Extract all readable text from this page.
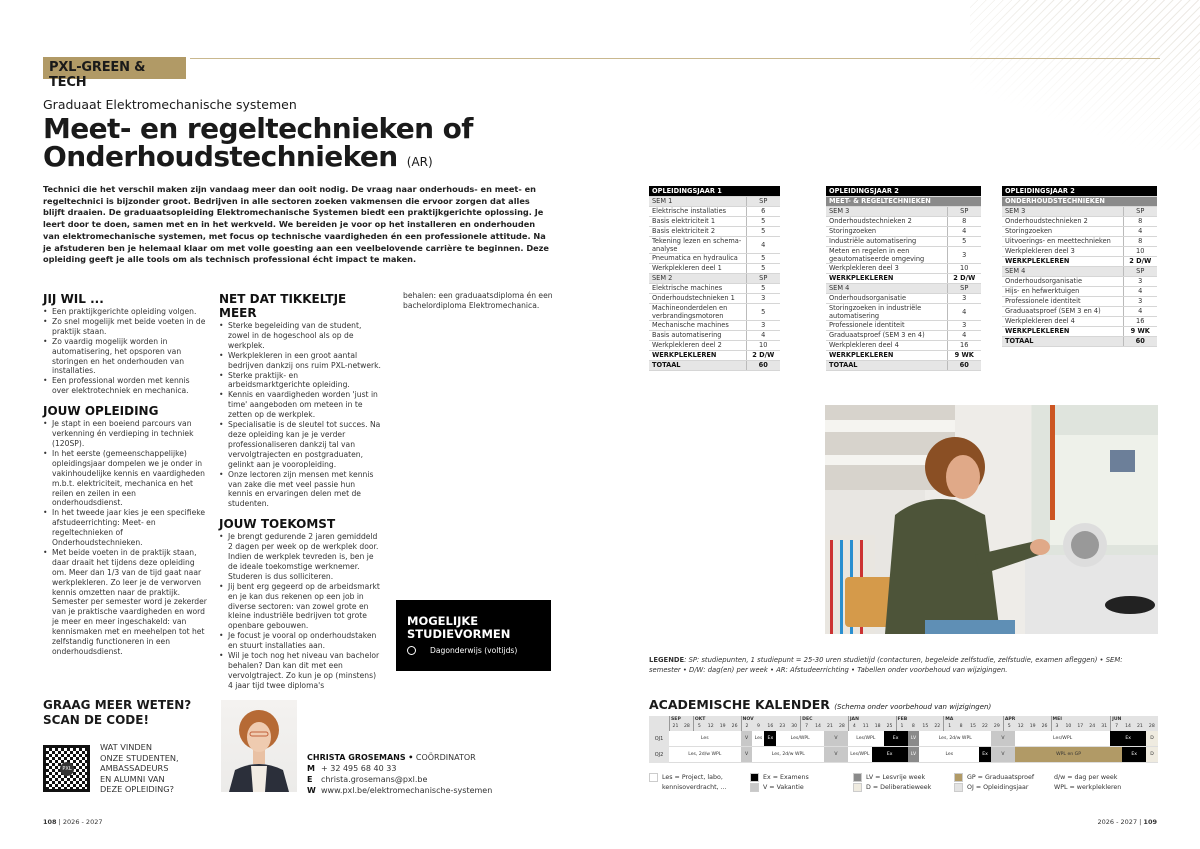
PXL-GREEN & TECH
Graduaat Elektromechanische systemen
Meet- en regeltechnieken of
Onderhoudstechnieken (AR)
Technici die het verschil maken zijn vandaag meer dan ooit nodig. De vraag naar onderhouds- en meet- en regeltechnici is bijzonder groot. Bedrijven in alle sectoren zoeken vakmensen die ervoor zorgen dat alles blijft draaien. De graduaatsopleiding Elektromechanische Systemen biedt een praktijkgerichte oplossing. Je leert door te doen, samen met en in het werkveld. We bereiden je voor op het installeren en onderhouden van elektromechanische systemen, met focus op technische vaardigheden én een professionele attitude. Na je afstuderen ben je helemaal klaar om met volle goesting aan een veelbelovende carrière te beginnen. Deze opleiding geeft je alle tools om als technisch professional écht impact te maken.
JIJ WIL ...
• Een praktijkgerichte opleiding volgen.
• Zo snel mogelijk met beide voeten in de praktijk staan.
• Zo vaardig mogelijk worden in automatisering, het opsporen van storingen en het onderhouden van installaties.
• Een professional worden met kennis over elektrotechniek en mechanica.
JOUW OPLEIDING
• Je stapt in een boeiend parcours van verkenning én verdieping in techniek (120SP).
• In het eerste (gemeenschappelijke) opleidingsjaar dompelen we je onder in vakinhoudelijke kennis en vaardigheden m.b.t. elektriciteit, mechanica en het reilen en zeilen in een onderhoudsdienst.
• In het tweede jaar kies je een specifieke afstudeerrichting: Meet- en regeltechnieken of Onderhoudstechnieken.
• Met beide voeten in de praktijk staan, daar draait het tijdens deze opleiding om. Meer dan 1/3 van de tijd gaat naar werkplekleren. Zo leer je de verworven kennis omzetten naar de praktijk. Semester per semester word je zekerder van je praktische vaardigheden en word je meer en meer ingeschakeld: van kennismaken met en meehelpen tot het zelfstandig functioneren in een onderhoudsdienst.
NET DAT TIKKELTJE MEER
• Sterke begeleiding van de student, zowel in de hogeschool als op de werkplek.
• Werkplekleren in een groot aantal bedrijven dankzij ons ruim PXL-netwerk.
• Sterke praktijk- en arbeidsmarktgerichte opleiding.
• Kennis en vaardigheden worden 'just in time' aangeboden om meteen in te zetten op de werkplek.
• Specialisatie is de sleutel tot succes. Na deze opleiding kan je je verder professionaliseren dankzij tal van vervolgtrajecten en postgraduaten, gelinkt aan je vooropleiding.
• Onze lectoren zijn mensen met kennis van zake die met veel passie hun kennis en ervaringen delen met de studenten.
JOUW TOEKOMST
• Je brengt gedurende 2 jaren gemiddeld 2 dagen per week op de werkplek door. Indien de werkplek tevreden is, ben je de ideale toekomstige werknemer. Studeren is dus solliciteren.
• Jij bent erg gegeerd op de arbeidsmarkt en je kan dus rekenen op een job in diverse sectoren: van zowel grote en kleine industriële bedrijven tot grote openbare gebouwen.
• Je focust je vooral op onderhoudstaken en stuurt installaties aan.
• Wil je toch nog het niveau van bachelor behalen? Dan kan dit met een vervolgtraject. Zo kun je op (minstens) 4 jaar tijd twee diploma's
behalen: een graduaatsdiploma én een bachelordiploma Elektromechanica.
MOGELIJKE
STUDIEVORMEN
Dagonderwijs (voltijds)
GRAAG MEER WETEN?
SCAN DE CODE!
PXL
WAT VINDEN
ONZE STUDENTEN,
AMBASSADEURS
EN ALUMNI VAN
DEZE OPLEIDING?
CHRISTA GROSEMANS • COÖRDINATOR
M + 32 495 68 40 33
E christa.grosemans@pxl.be
W www.pxl.be/elektromechanische-systemen
OPLEIDINGSJAAR 1	
SEM 1	SP
Elektrische installaties	6
Basis elektriciteit 1	5
Basis elektriciteit 2	5
Tekening lezen en schema-analyse	4
Pneumatica en hydraulica	5
Werkplekleren deel 1	5
SEM 2	SP
Elektrische machines	5
Onderhoudstechnieken 1	3
Machineonderdelen en verbrandingsmotoren	5
Mechanische machines	3
Basis automatisering	4
Werkplekleren deel 2	10
WERKPLEKLEREN	2 D/W
TOTAAL	60
OPLEIDINGSJAAR 2	
MEET- & REGELTECHNIEKEN	
SEM 3	SP
Onderhoudstechnieken 2	8
Storingzoeken	4
Industriële automatisering	5
Meten en regelen in een geautomatiseerde omgeving	3
Werkplekleren deel 3	10
WERKPLEKLEREN	2 D/W
SEM 4	SP
Onderhoudsorganisatie	3
Storingzoeken in industriële automatisering	4
Professionele identiteit	3
Graduaatsproef (SEM 3 en 4)	4
Werkplekleren deel 4	16
WERKPLEKLEREN	9 WK
TOTAAL	60
OPLEIDINGSJAAR 2	
ONDERHOUDSTECHNIEKEN	
SEM 3	SP
Onderhoudstechnieken 2	8
Storingzoeken	4
Uitvoerings- en meettechnieken	8
Werkplekleren deel 3	10
WERKPLEKLEREN	2 D/W
SEM 4	SP
Onderhoudsorganisatie	3
Hijs- en hefwerktuigen	4
Professionele identiteit	3
Graduaatsproef (SEM 3 en 4)	4
Werkplekleren deel 4	16
WERKPLEKLEREN	9 WK
TOTAAL	60
LEGENDE: SP: studiepunten, 1 studiepunt = 25-30 uren studietijd (contacturen, begeleide zelfstudie, zelfstudie, examen afleggen) • SEM: semester • D/W: dag(en) per week • AR: Afstudeerrichting • Tabellen onder voorbehoud van wijzigingen.
ACADEMISCHE KALENDER (Schema onder voorbehoud van wijzigingen)
SEP
21	28
OKT
5	12	19	26
NOV
2	9	16	23	30
DEC
7	14	21	28
JAN
4	11	18	25
FEB
1	8	15	22
MA
1	8	15	22	29
APR
5	12	19	26
MEI
3	10	17	24	31
JUN
7	14	21	28
OJ1	Les	V	Les	Ex	Les/WPL	V	Les/WPL	Ex	LV	Les, 2d/w WPL	V	Les/WPL	Ex	D
OJ2	Les, 2d/w WPL	V	Les, 2d/w WPL	V	Les/WPL	Ex	LV	Les	Ex	V	WPL en GP	Ex	D
Les = Project, labo,
kennisoverdracht, ...
Ex = Examens
V = Vakantie
LV = Lesvrije week
D = Deliberatieweek
GP = Graduaatsproef
OJ = Opleidingsjaar
d/w = dag per week
WPL = werkplekleren
108 | 2026 - 2027	2026 - 2027 | 109
